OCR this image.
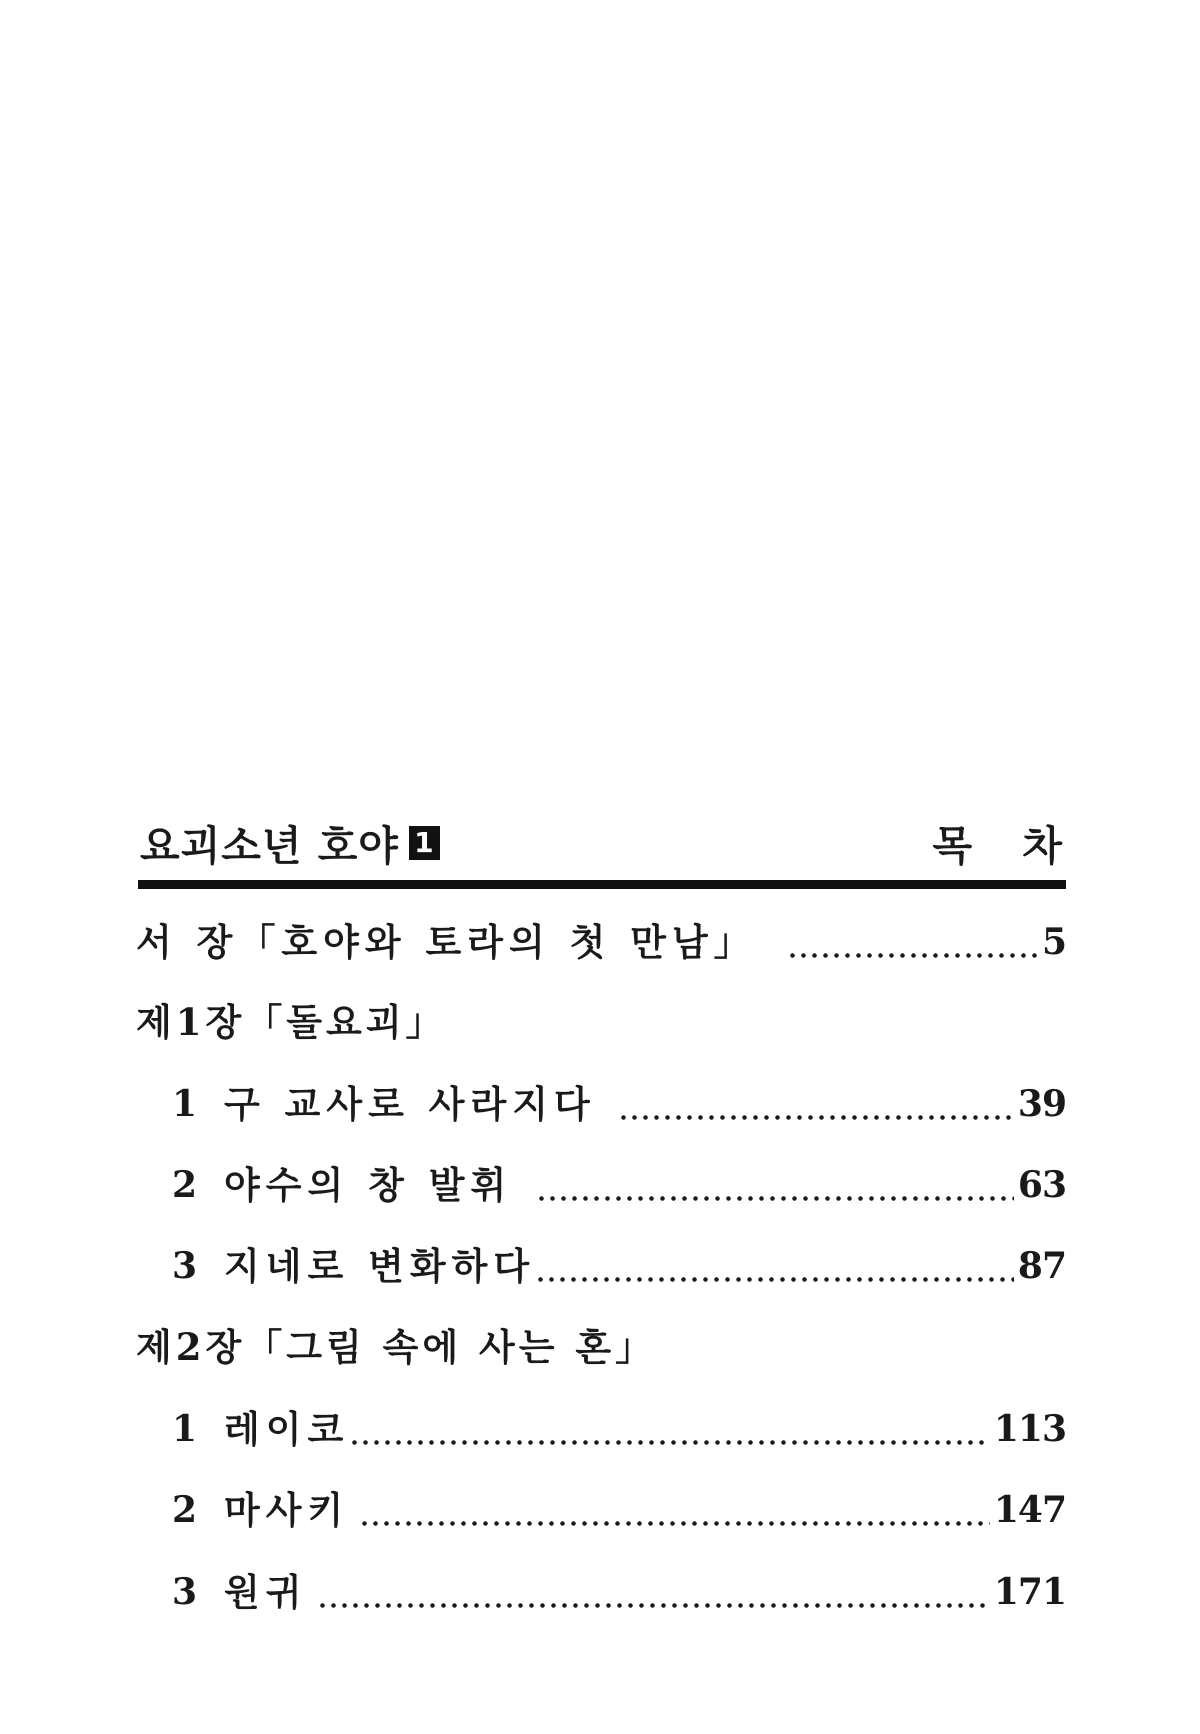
요괴소년 호야 1	목 차
서 장「호야와 토라의 첫 만남」	5
제1장「돌요괴」
1 구 교사로 사라지다	39
2 야수의 창 발휘	63
3 지네로 변화하다	87
제2장「그림 속에 사는 혼」
1 레이코	113
2 마사키	147
3 원귀	171
